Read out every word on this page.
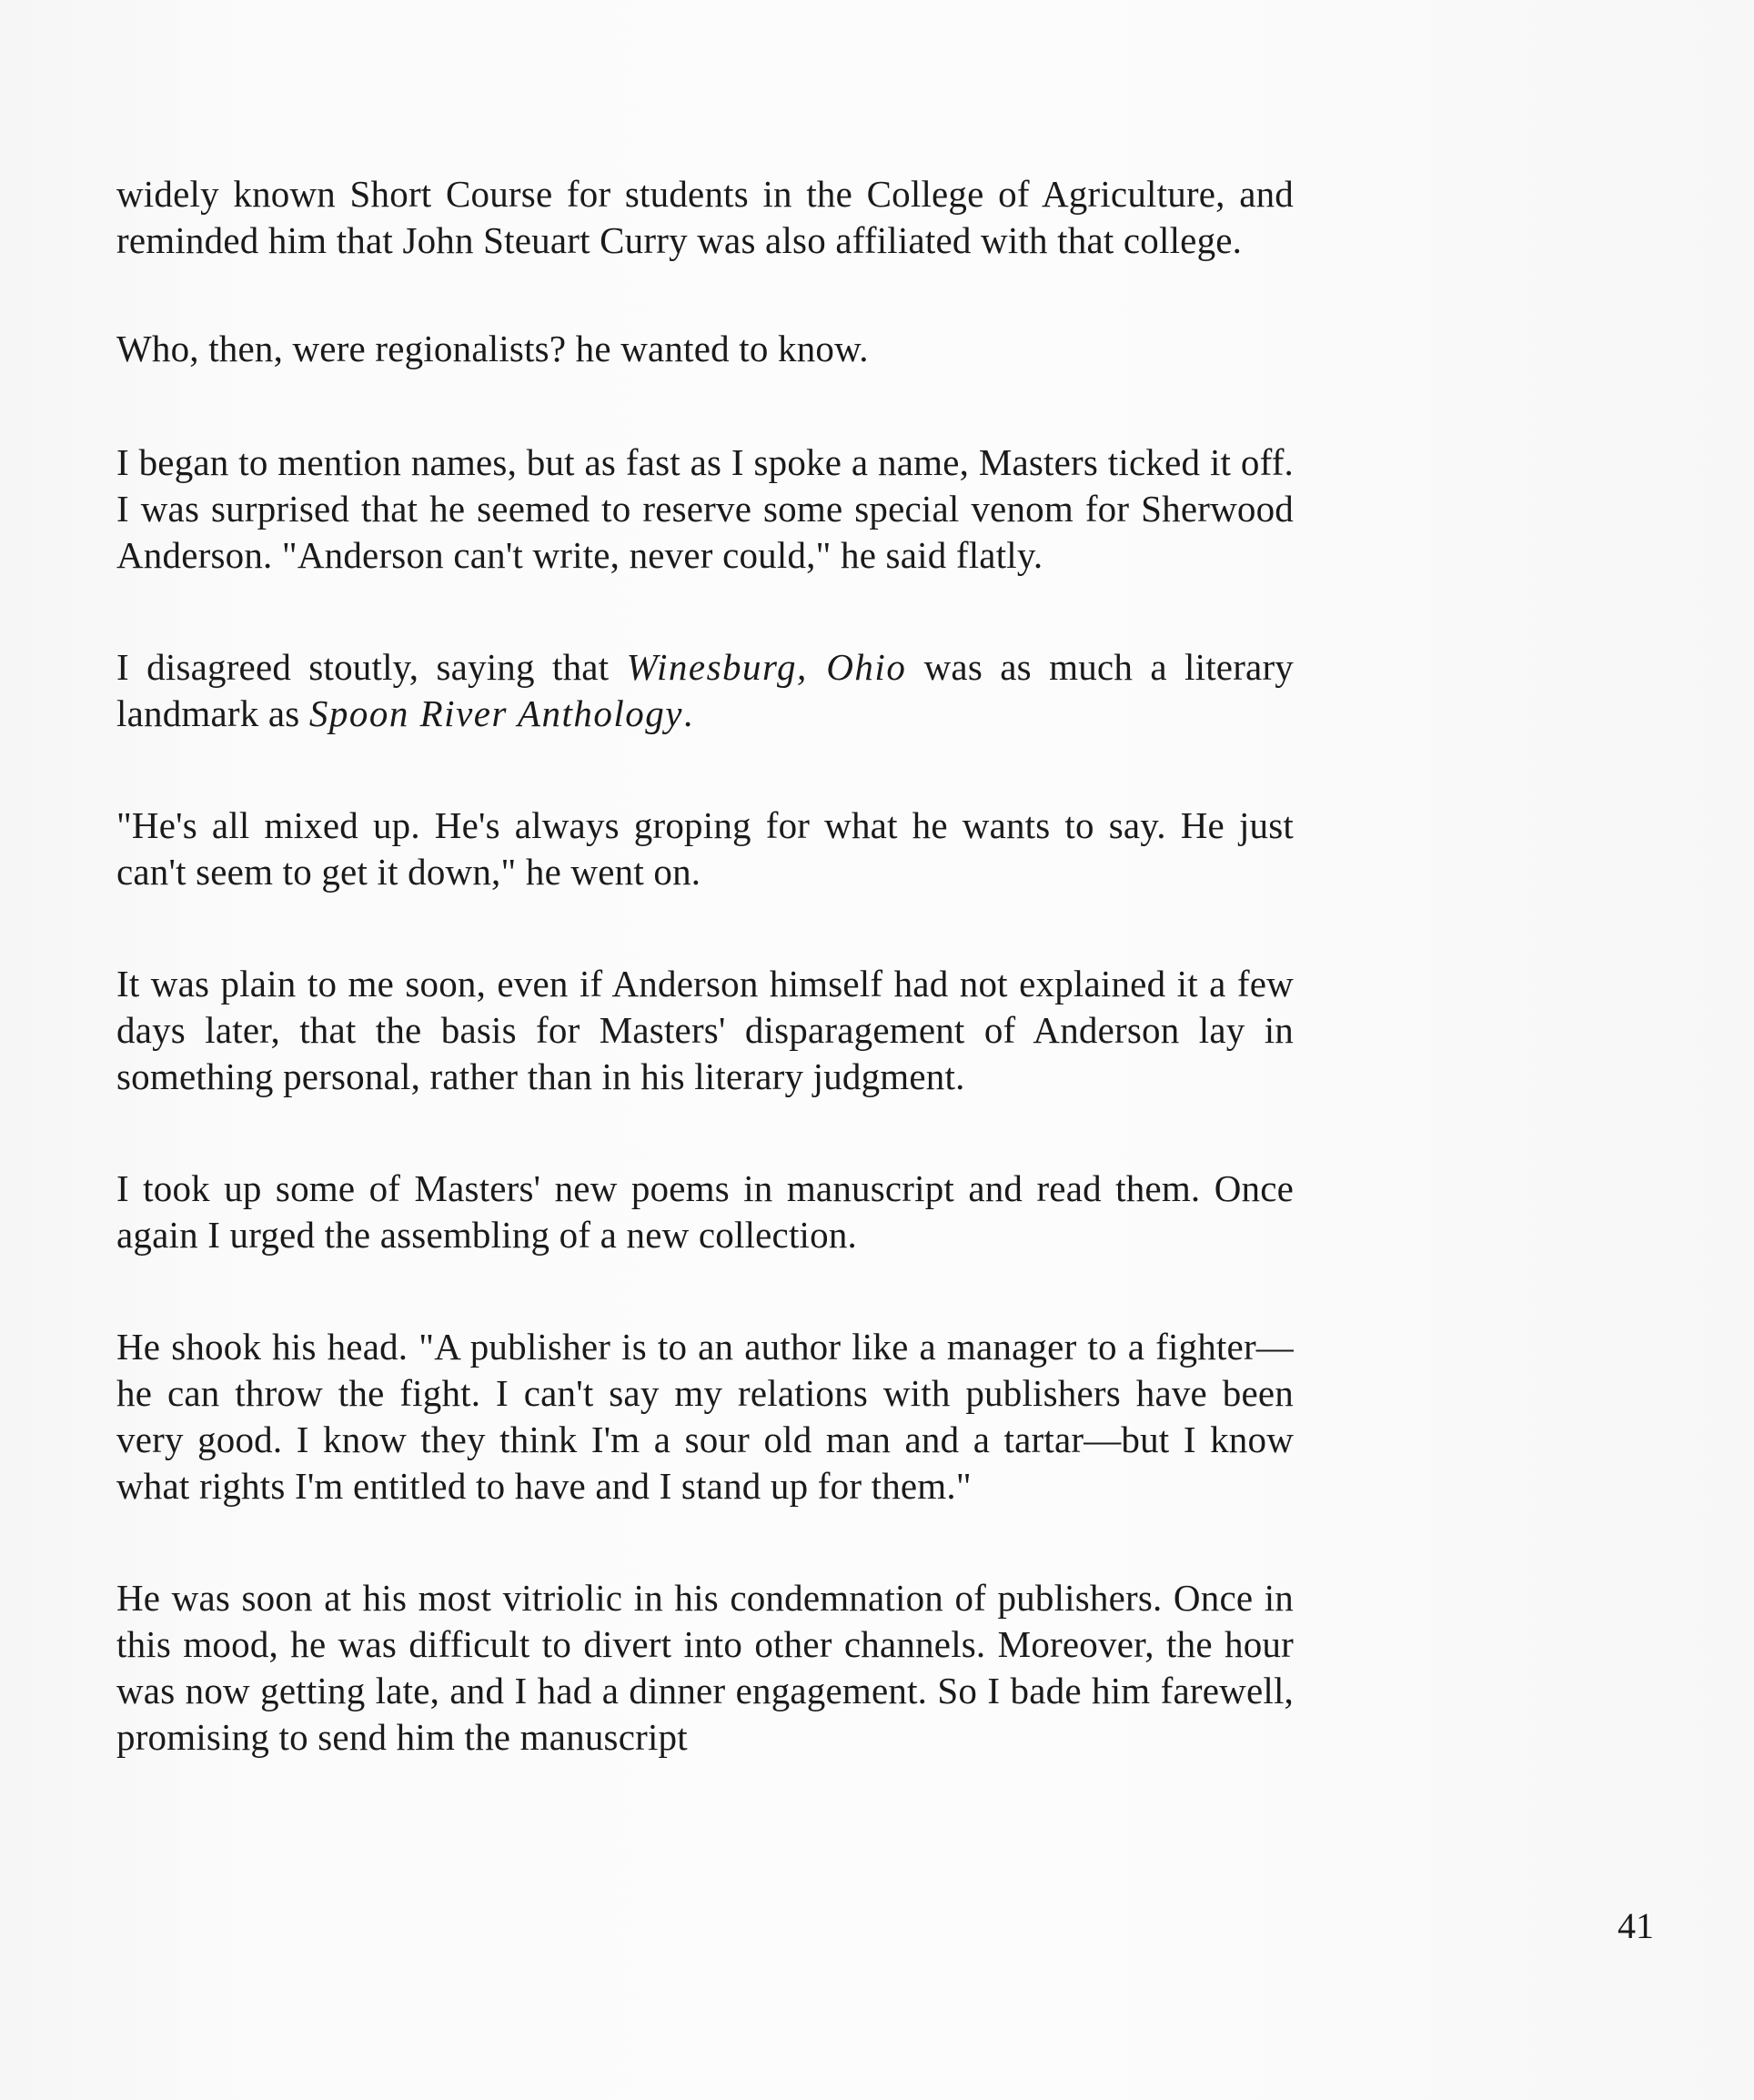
widely known Short Course for students in the College of Agriculture, and reminded him that John Steuart Curry was also affiliated with that college.

Who, then, were regionalists? he wanted to know.

I began to mention names, but as fast as I spoke a name, Masters ticked it off. I was surprised that he seemed to reserve some special venom for Sherwood Anderson. "Anderson can't write, never could," he said flatly.

I disagreed stoutly, saying that Winesburg, Ohio was as much a literary landmark as Spoon River Anthology.

"He's all mixed up. He's always groping for what he wants to say. He just can't seem to get it down," he went on.

It was plain to me soon, even if Anderson himself had not explained it a few days later, that the basis for Masters' disparagement of Anderson lay in something personal, rather than in his literary judgment.

I took up some of Masters' new poems in manuscript and read them. Once again I urged the assembling of a new collection.

He shook his head. "A publisher is to an author like a manager to a fighter—he can throw the fight. I can't say my relations with publishers have been very good. I know they think I'm a sour old man and a tartar—but I know what rights I'm entitled to have and I stand up for them."

He was soon at his most vitriolic in his condemnation of publishers. Once in this mood, he was difficult to divert into other channels. Moreover, the hour was now getting late, and I had a dinner engagement. So I bade him farewell, promising to send him the manuscript

41
